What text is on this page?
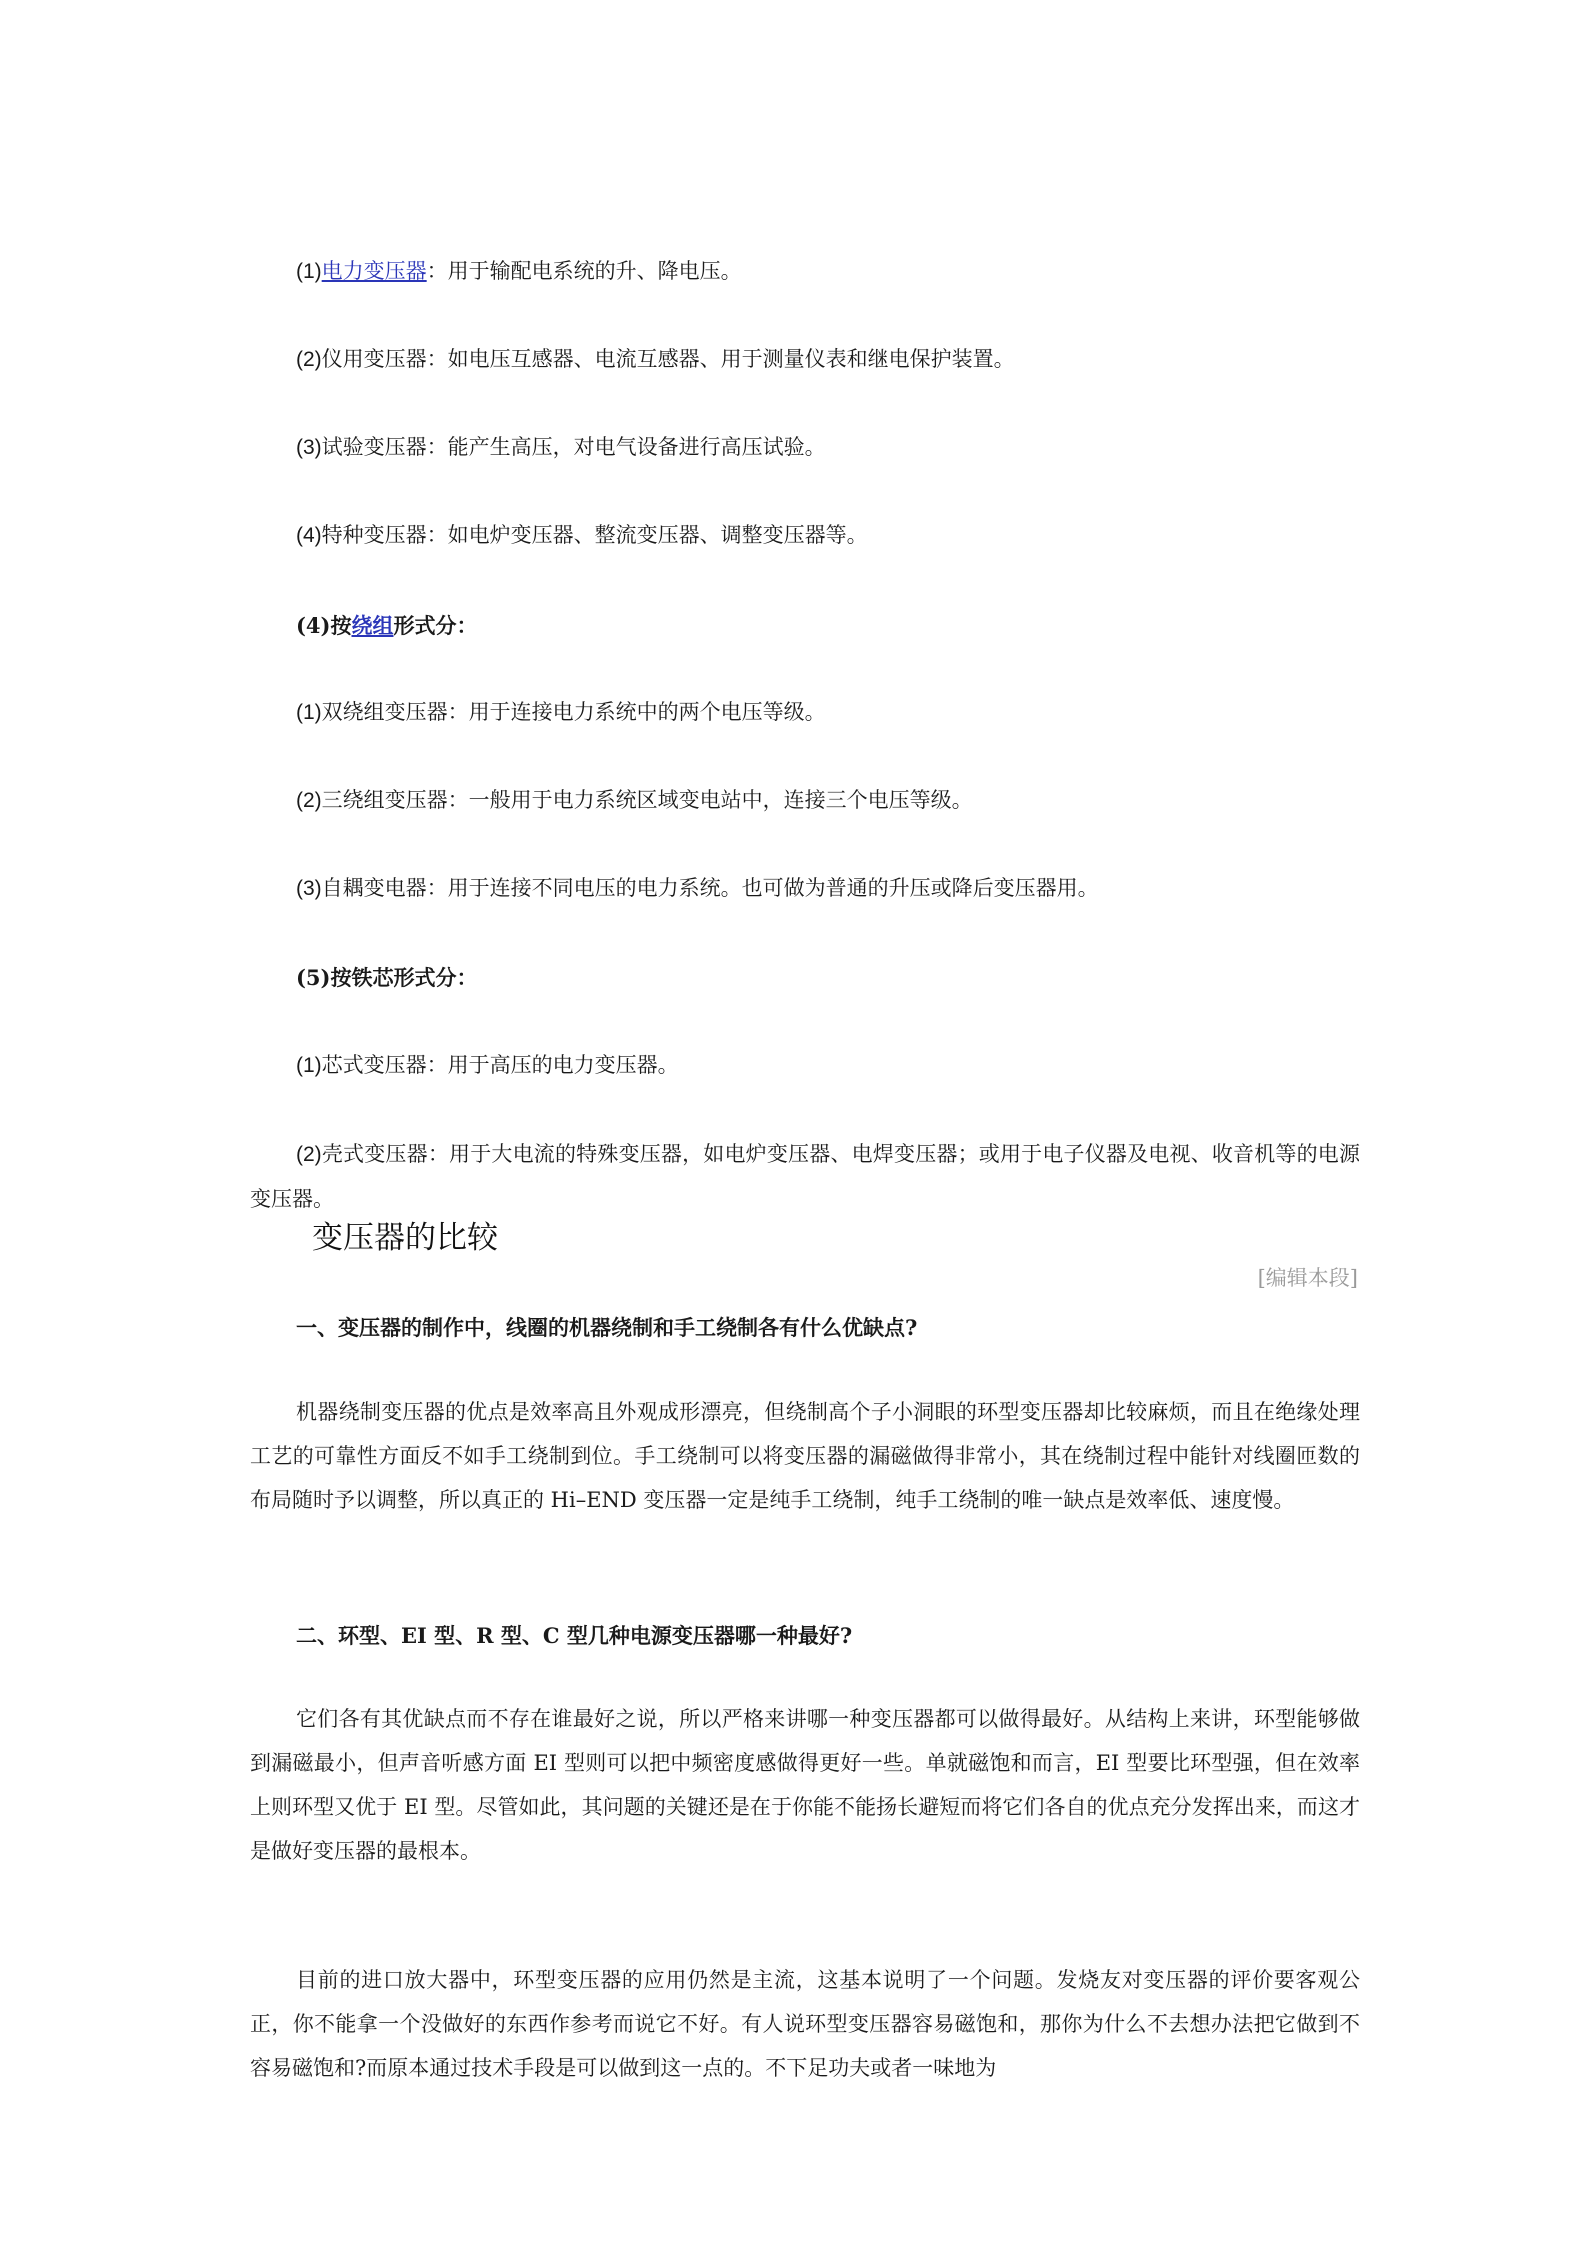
(1)电力变压器：用于输配电系统的升、降电压。
(2)仪用变压器：如电压互感器、电流互感器、用于测量仪表和继电保护装置。
(3)试验变压器：能产生高压，对电气设备进行高压试验。
(4)特种变压器：如电炉变压器、整流变压器、调整变压器等。
(4)按绕组形式分：
(1)双绕组变压器：用于连接电力系统中的两个电压等级。
(2)三绕组变压器：一般用于电力系统区域变电站中，连接三个电压等级。
(3)自耦变电器：用于连接不同电压的电力系统。也可做为普通的升压或降后变压器用。
(5)按铁芯形式分：
(1)芯式变压器：用于高压的电力变压器。
(2)壳式变压器：用于大电流的特殊变压器，如电炉变压器、电焊变压器；或用于电子仪器及电视、收音机等的电源变压器。
变压器的比较
[编辑本段]
一、变压器的制作中，线圈的机器绕制和手工绕制各有什么优缺点?
机器绕制变压器的优点是效率高且外观成形漂亮，但绕制高个子小洞眼的环型变压器却比较麻烦，而且在绝缘处理工艺的可靠性方面反不如手工绕制到位。手工绕制可以将变压器的漏磁做得非常小，其在绕制过程中能针对线圈匝数的布局随时予以调整，所以真正的 Hi–END 变压器一定是纯手工绕制，纯手工绕制的唯一缺点是效率低、速度慢。
二、环型、EI 型、R 型、C 型几种电源变压器哪一种最好?
它们各有其优缺点而不存在谁最好之说，所以严格来讲哪一种变压器都可以做得最好。从结构上来讲，环型能够做到漏磁最小，但声音听感方面 EI 型则可以把中频密度感做得更好一些。单就磁饱和而言，EI 型要比环型强，但在效率上则环型又优于 EI 型。尽管如此，其问题的关键还是在于你能不能扬长避短而将它们各自的优点充分发挥出来，而这才是做好变压器的最根本。
目前的进口放大器中，环型变压器的应用仍然是主流，这基本说明了一个问题。发烧友对变压器的评价要客观公正，你不能拿一个没做好的东西作参考而说它不好。有人说环型变压器容易磁饱和，那你为什么不去想办法把它做到不容易磁饱和?而原本通过技术手段是可以做到这一点的。不下足功夫或者一味地为
